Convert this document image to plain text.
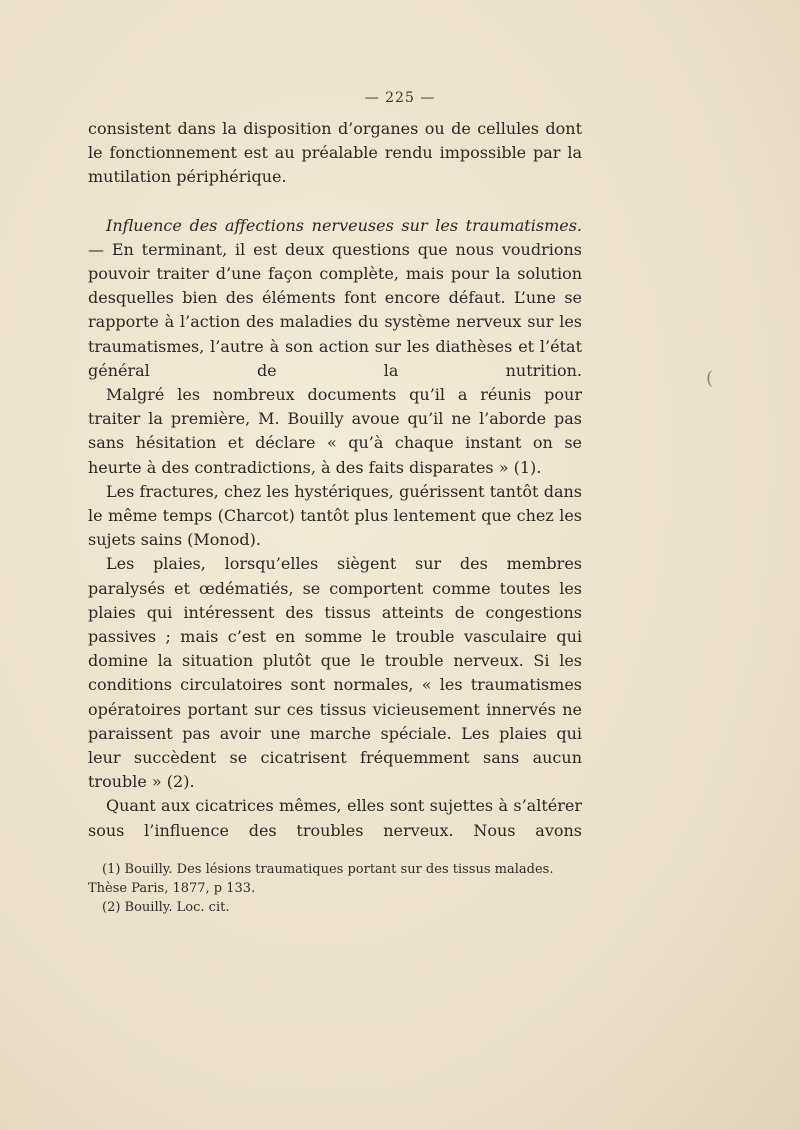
— 225 —

consistent dans la disposition d’organes ou de cellules dont le fonctionnement est au préalable rendu impossible par la mutilation périphérique.

Influence des affections nerveuses sur les traumatismes.
— En terminant, il est deux questions que nous voudrions pouvoir traiter d’une façon complète, mais pour la solution desquelles bien des éléments font encore défaut. L’une se rapporte à l’action des maladies du système nerveux sur les traumatismes, l’autre à son action sur les diathèses et l’état général de la nutrition.

Malgré les nombreux documents qu’il a réunis pour traiter la première, M. Bouilly avoue qu’il ne l’aborde pas sans hésitation et déclare « qu’à chaque instant on se heurte à des contradictions, à des faits disparates » (1).

Les fractures, chez les hystériques, guérissent tantôt dans le même temps (Charcot) tantôt plus lentement que chez les sujets sains (Monod).

Les plaies, lorsqu’elles siègent sur des membres paralysés et œdématiés, se comportent comme toutes les plaies qui intéressent des tissus atteints de congestions passives ; mais c’est en somme le trouble vasculaire qui domine la situation plutôt que le trouble nerveux. Si les conditions circulatoires sont normales, « les traumatismes opératoires portant sur ces tissus vicieusement innervés ne paraissent pas avoir une marche spéciale. Les plaies qui leur succèdent se cicatrisent fréquemment sans aucun trouble » (2).

Quant aux cicatrices mêmes, elles sont sujettes à s’altérer sous l’influence des troubles nerveux. Nous avons

(

(1) Bouilly. Des lésions traumatiques portant sur des tissus malades. Thèse Paris, 1877, p 133.

(2) Bouilly. Loc. cit.
